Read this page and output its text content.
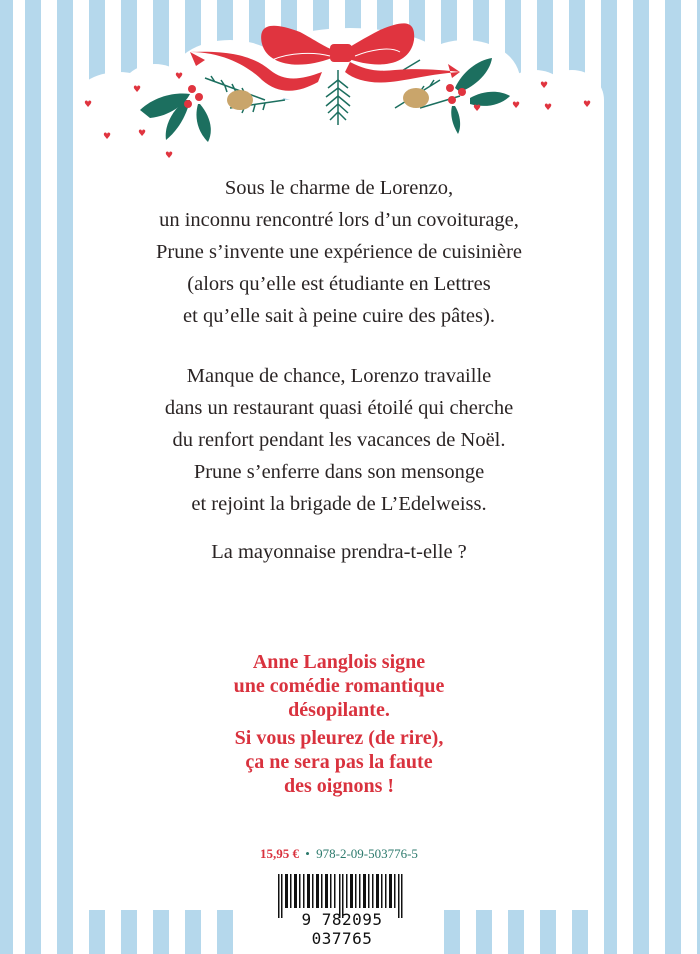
♥
♥
♥
♥
♥
♥
♥
♥
♥	♥	♥
Sous le charme de Lorenzo,
un inconnu rencontré lors d’un covoiturage,
Prune s’invente une expérience de cuisinière
(alors qu’elle est étudiante en Lettres
et qu’elle sait à peine cuire des pâtes).
Manque de chance, Lorenzo travaille
dans un restaurant quasi étoilé qui cherche
du renfort pendant les vacances de Noël.
Prune s’enferre dans son mensonge
et rejoint la brigade de L’Edelweiss.
La mayonnaise prendra-t-elle ?
Anne Langlois signe
une comédie romantique
désopilante.
Si vous pleurez (de rire),
ça ne sera pas la faute
des oignons !
15,95 € • 978-2-09-503776-5
9 782095 037765
